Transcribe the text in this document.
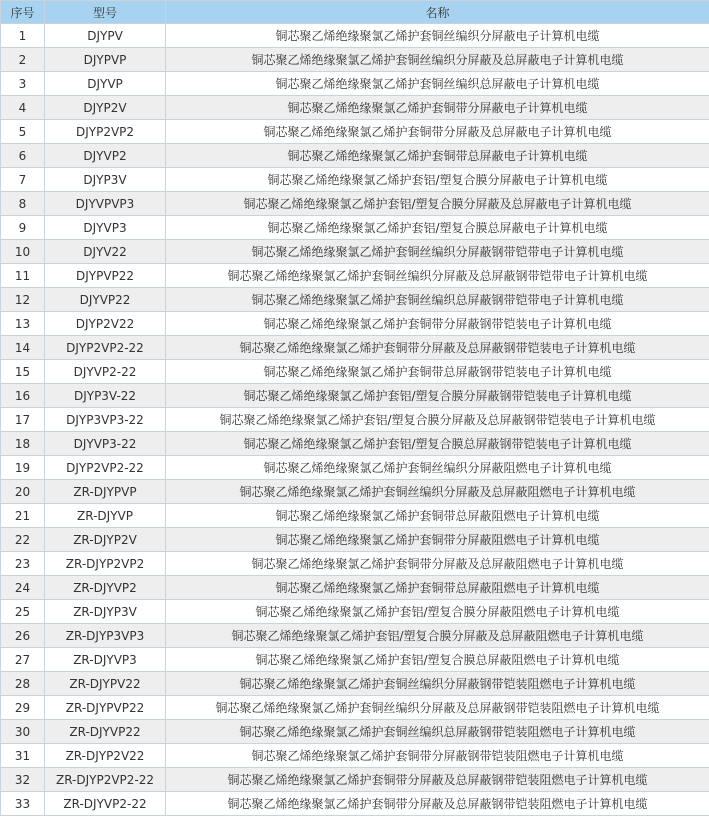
序号	型号	名称
1	DJYPV	铜芯聚乙烯绝缘聚氯乙烯护套铜丝编织分屏蔽电子计算机电缆
2	DJYPVP	铜芯聚乙烯绝缘聚氯乙烯护套铜丝编织分屏蔽及总屏蔽电子计算机电缆
3	DJYVP	铜芯聚乙烯绝缘聚氯乙烯护套铜丝编织总屏蔽电子计算机电缆
4	DJYP2V	铜芯聚乙烯绝缘聚氯乙烯护套铜带分屏蔽电子计算机电缆
5	DJYP2VP2	铜芯聚乙烯绝缘聚氯乙烯护套铜带分屏蔽及总屏蔽电子计算机电缆
6	DJYVP2	铜芯聚乙烯绝缘聚氯乙烯护套铜带总屏蔽电子计算机电缆
7	DJYP3V	铜芯聚乙烯绝缘聚氯乙烯护套铝/塑复合膜分屏蔽电子计算机电缆
8	DJYVPVP3	铜芯聚乙烯绝缘聚氯乙烯护套铝/塑复合膜分屏蔽及总屏蔽电子计算机电缆
9	DJYVP3	铜芯聚乙烯绝缘聚氯乙烯护套铝/塑复合膜总屏蔽电子计算机电缆
10	DJYV22	铜芯聚乙烯绝缘聚氯乙烯护套铜丝编织分屏蔽钢带铠带电子计算机电缆
11	DJYPVP22	铜芯聚乙烯绝缘聚氯乙烯护套铜丝编织分屏蔽及总屏蔽钢带铠带电子计算机电缆
12	DJYVP22	铜芯聚乙烯绝缘聚氯乙烯护套铜丝编织总屏蔽钢带铠带电子计算机电缆
13	DJYP2V22	铜芯聚乙烯绝缘聚氯乙烯护套铜带分屏蔽钢带铠装电子计算机电缆
14	DJYP2VP2-22	铜芯聚乙烯绝缘聚氯乙烯护套铜带分屏蔽及总屏蔽钢带铠装电子计算机电缆
15	DJYVP2-22	铜芯聚乙烯绝缘聚氯乙烯护套铜带总屏蔽钢带铠装电子计算机电缆
16	DJYP3V-22	铜芯聚乙烯绝缘聚氯乙烯护套铝/塑复合膜分屏蔽钢带铠装电子计算机电缆
17	DJYP3VP3-22	铜芯聚乙烯绝缘聚氯乙烯护套铝/塑复合膜分屏蔽及总屏蔽钢带铠装电子计算机电缆
18	DJYVP3-22	铜芯聚乙烯绝缘聚氯乙烯护套铝/塑复合膜总屏蔽钢带铠装电子计算机电缆
19	DJYP2VP2-22	铜芯聚乙烯绝缘聚氯乙烯护套铜丝编织分屏蔽阻燃电子计算机电缆
20	ZR-DJYPVP	铜芯聚乙烯绝缘聚氯乙烯护套铜丝编织分屏蔽及总屏蔽阻燃电子计算机电缆
21	ZR-DJYVP	铜芯聚乙烯绝缘聚氯乙烯护套铜带总屏蔽阻燃电子计算机电缆
22	ZR-DJYP2V	铜芯聚乙烯绝缘聚氯乙烯护套铜带分屏蔽阻燃电子计算机电缆
23	ZR-DJYP2VP2	铜芯聚乙烯绝缘聚氯乙烯护套铜带分屏蔽及总屏蔽阻燃电子计算机电缆
24	ZR-DJYVP2	铜芯聚乙烯绝缘聚氯乙烯护套铜带总屏蔽阻燃电子计算机电缆
25	ZR-DJYP3V	铜芯聚乙烯绝缘聚氯乙烯护套铝/塑复合膜分屏蔽阻燃电子计算机电缆
26	ZR-DJYP3VP3	铜芯聚乙烯绝缘聚氯乙烯护套铝/塑复合膜分屏蔽及总屏蔽阻燃电子计算机电缆
27	ZR-DJYVP3	铜芯聚乙烯绝缘聚氯乙烯护套铝/塑复合膜总屏蔽阻燃电子计算机电缆
28	ZR-DJYPV22	铜芯聚乙烯绝缘聚氯乙烯护套铜丝编织分屏蔽钢带铠装阻燃电子计算机电缆
29	ZR-DJYPVP22	铜芯聚乙烯绝缘聚氯乙烯护套铜丝编织分屏蔽及总屏蔽钢带铠装阻燃电子计算机电缆
30	ZR-DJYVP22	铜芯聚乙烯绝缘聚氯乙烯护套铜丝编织总屏蔽钢带铠装阻燃电子计算机电缆
31	ZR-DJYP2V22	铜芯聚乙烯绝缘聚氯乙烯护套铜带分屏蔽钢带铠装阻燃电子计算机电缆
32	ZR-DJYP2VP2-22	铜芯聚乙烯绝缘聚氯乙烯护套铜带分屏蔽及总屏蔽钢带铠装阻燃电子计算机电缆
33	ZR-DJYVP2-22	铜芯聚乙烯绝缘聚氯乙烯护套铜带分屏蔽及总屏蔽钢带铠装阻燃电子计算机电缆
